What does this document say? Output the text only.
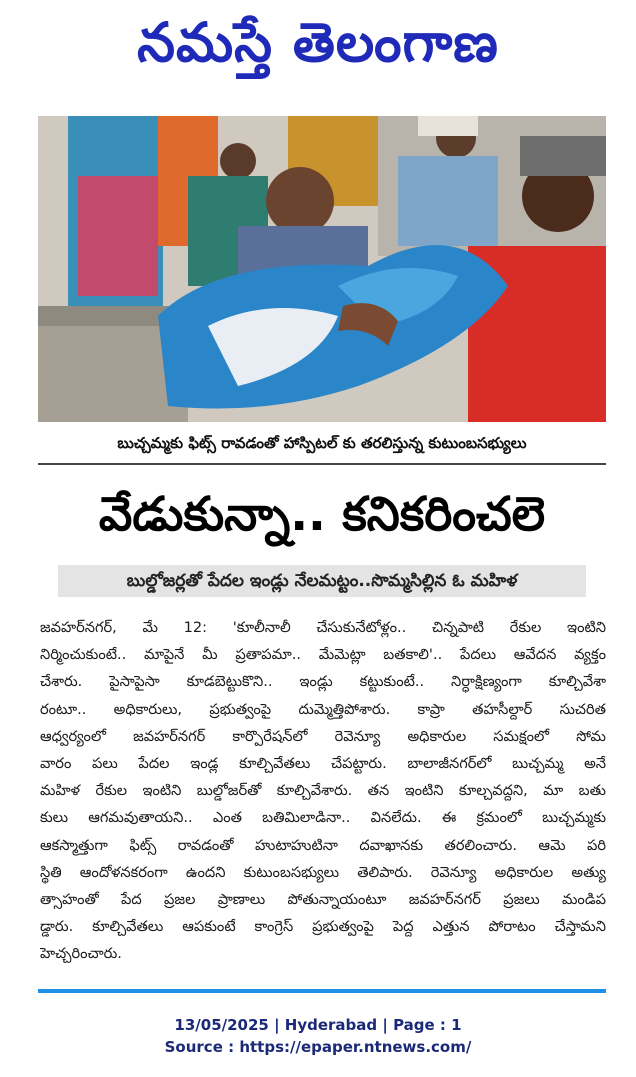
నమస్తే తెలంగాణ
బుచ్చమ్మకు ఫిట్స్ రావడంతో హాస్పిటల్ కు తరలిస్తున్న కుటుంబసభ్యులు
వేడుకున్నా.. కనికరించలె
బుల్డోజర్లతో పేదల ఇండ్లు నేలమట్టం..సొమ్మసిల్లిన ఓ మహిళ
జవహర్‌నగర్, మే 12: 'కూలీనాలీ చేసుకునేటోళ్లం.. చిన్నపాటి రేకుల ఇంటిని
నిర్మించుకుంటే.. మాపైనే మీ ప్రతాపమా.. మేమెట్లా బతకాలి'.. పేదలు ఆవేదన వ్యక్తం
చేశారు. పైసాపైసా కూడబెట్టుకొని.. ఇండ్లు కట్టుకుంటే.. నిర్ధాక్షిణ్యంగా కూల్చివేశా
రంటూ.. అధికారులు, ప్రభుత్వంపై దుమ్మెత్తిపోశారు. కాప్రా తహసీల్దార్ సుచరిత
ఆధ్వర్యంలో జవహర్‌నగర్ కార్పొరేషన్‌లో రెవెన్యూ అధికారుల సమక్షంలో సోమ
వారం పలు పేదల ఇండ్ల కూల్చివేతలు చేపట్టారు. బాలాజీనగర్‌లో బుచ్చమ్మ అనే
మహిళ రేకుల ఇంటిని బుల్డోజర్‌తో కూల్చివేశారు. తన ఇంటిని కూల్చవద్దని, మా బతు
కులు ఆగమవుతాయని.. ఎంత బతిమిలాడినా.. వినలేదు. ఈ క్రమంలో బుచ్చమ్మకు
ఆకస్మాత్తుగా ఫిట్స్ రావడంతో హుటాహుటినా దవాఖానకు తరలించారు. ఆమె పరి
స్థితి ఆందోళనకరంగా ఉందని కుటుంబసభ్యులు తెలిపారు. రెవెన్యూ అధికారుల అత్యు
త్సాహంతో పేద ప్రజల ప్రాణాలు పోతున్నాయంటూ జవహర్‌నగర్ ప్రజలు మండిప
డ్డారు. కూల్చివేతలు ఆపకుంటే కాంగ్రెస్ ప్రభుత్వంపై పెద్ద ఎత్తున పోరాటం చేస్తామని
హెచ్చరించారు.
13/05/2025 | Hyderabad | Page : 1
Source : https://epaper.ntnews.com/
